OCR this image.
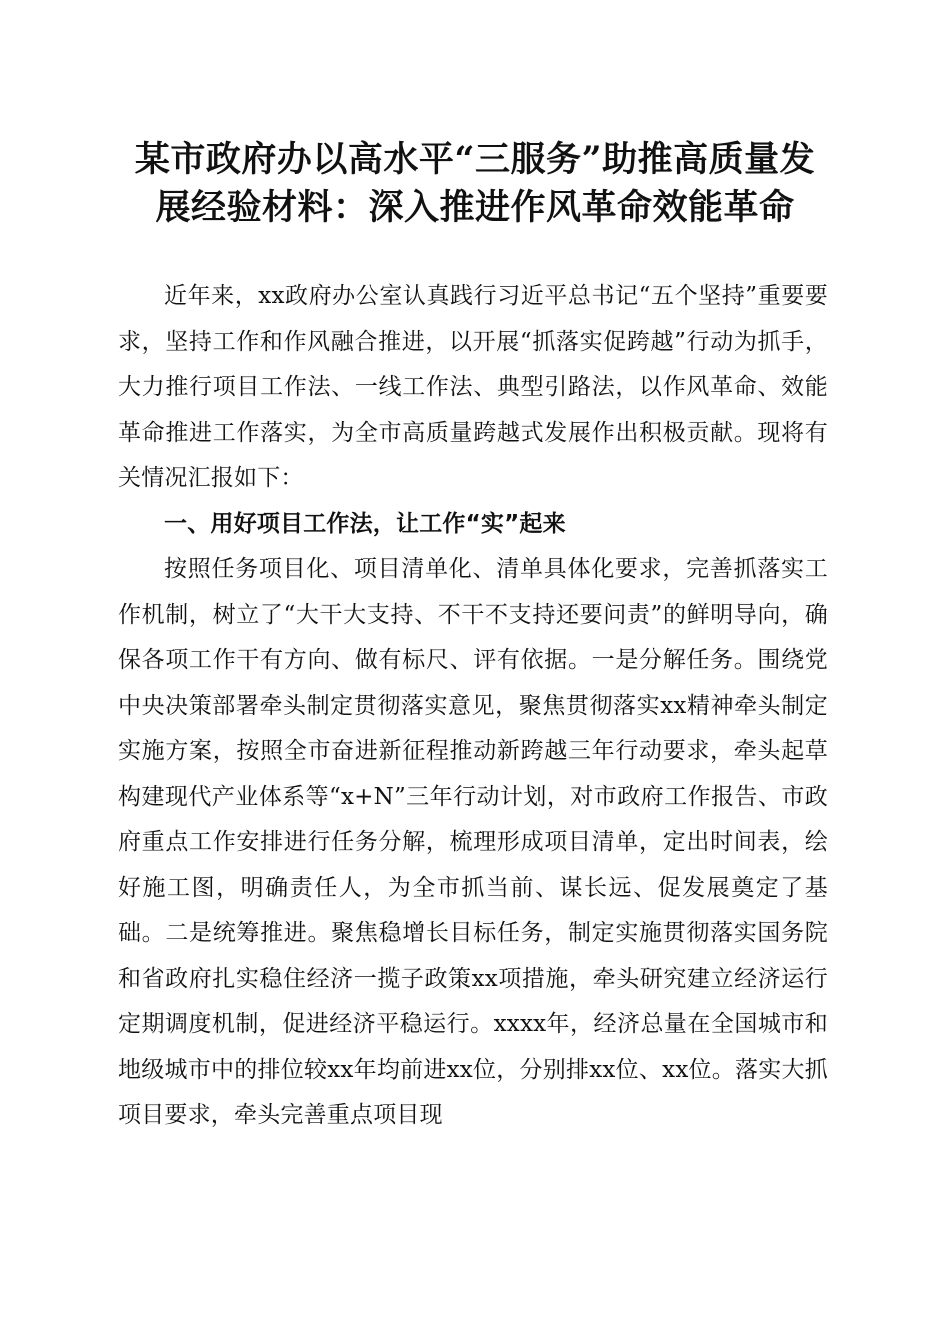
某市政府办以高水平“三服务”助推高质量发
展经验材料：深入推进作风革命效能革命

近年来，xx政府办公室认真践行习近平总书记“五个坚持”重要要求，坚持工作和作风融合推进，以开展“抓落实促跨越”行动为抓手，大力推行项目工作法、一线工作法、典型引路法，以作风革命、效能革命推进工作落实，为全市高质量跨越式发展作出积极贡献。现将有关情况汇报如下：

一、用好项目工作法，让工作“实”起来

按照任务项目化、项目清单化、清单具体化要求，完善抓落实工作机制，树立了“大干大支持、不干不支持还要问责”的鲜明导向，确保各项工作干有方向、做有标尺、评有依据。一是分解任务。围绕党中央决策部署牵头制定贯彻落实意见，聚焦贯彻落实xx精神牵头制定实施方案，按照全市奋进新征程推动新跨越三年行动要求，牵头起草构建现代产业体系等“x+N”三年行动计划，对市政府工作报告、市政府重点工作安排进行任务分解，梳理形成项目清单，定出时间表，绘好施工图，明确责任人，为全市抓当前、谋长远、促发展奠定了基础。二是统筹推进。聚焦稳增长目标任务，制定实施贯彻落实国务院和省政府扎实稳住经济一揽子政策xx项措施，牵头研究建立经济运行定期调度机制，促进经济平稳运行。xxxx年，经济总量在全国城市和地级城市中的排位较xx年均前进xx位，分别排xx位、xx位。落实大抓项目要求，牵头完善重点项目现
